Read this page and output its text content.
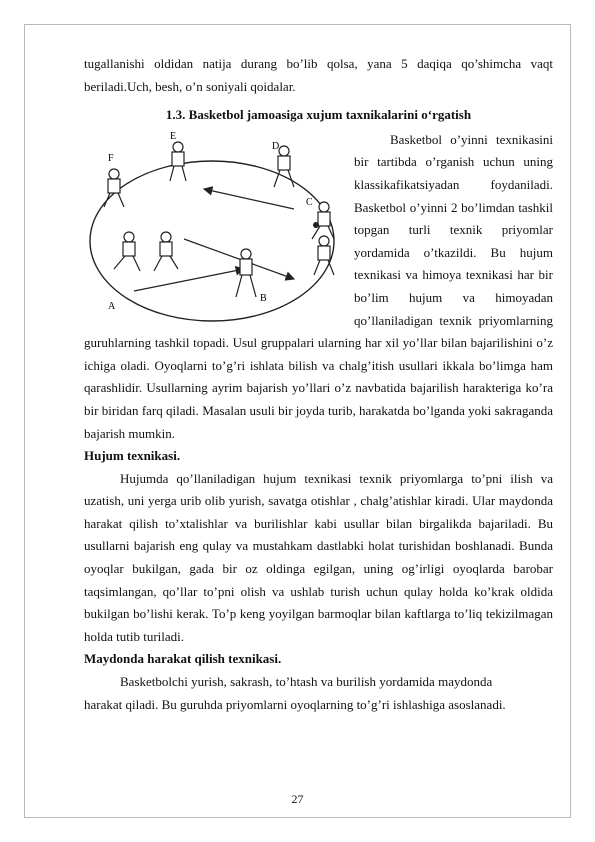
tugallanishi oldidan natija durang bo’lib qolsa, yana 5 daqiqa qo’shimcha vaqt beriladi.Uch, besh, o’n soniyali qoidalar.

1.3. Basketbol jamoasiga xujum taxnikalarini o‘rgatish

A
B
C
D
E
F

Basketbol o’yinni texnikasini bir tartibda o’rganish uchun uning klassikafikatsiyadan foydaniladi. Basketbol o’yinni 2 bo’limdan tashkil topgan turli texnik priyomlar yordamida o’tkazildi. Bu hujum texnikasi va himoya texnikasi har bir bo’lim hujum va himoyadan qo’llaniladigan texnik priyomlarning guruhlarning tashkil topadi. Usul gruppalari ularning har xil yo’llar bilan bajarilishini o’z ichiga oladi. Oyoqlarni to’g’ri ishlata bilish va chalg’itish usullari ikkala bo’limga ham qarashlidir. Usullarning ayrim bajarish yo’llari o’z navbatida bajarilish harakteriga ko’ra bir biridan farq qiladi. Masalan usuli bir joyda turib, harakatda bo’lganda yoki sakraganda bajarish mumkin.

Hujum texnikasi.

Hujumda qo’llaniladigan hujum texnikasi texnik priyomlarga to’pni ilish va uzatish, uni yerga urib olib yurish, savatga otishlar , chalg’atishlar kiradi. Ular maydonda harakat qilish to’xtalishlar va burilishlar kabi usullar bilan birgalikda bajariladi. Bu usullarni bajarish eng qulay va mustahkam dastlabki holat turishidan boshlanadi. Bunda oyoqlar bukilgan, gada bir oz oldinga egilgan, uning og’irligi oyoqlarda barobar taqsimlangan, qo’llar to’pni olish va ushlab turish uchun qulay holda ko’krak oldida bukilgan bo’lishi kerak. To’p keng yoyilgan barmoqlar bilan kaftlarga to’liq tekizilmagan holda tutib turiladi.

Maydonda harakat qilish texnikasi.

Basketbolchi yurish, sakrash, to’htash va burilish yordamida maydonda

harakat qiladi. Bu guruhda priyomlarni oyoqlarning to’g’ri ishlashiga asoslanadi.

27
